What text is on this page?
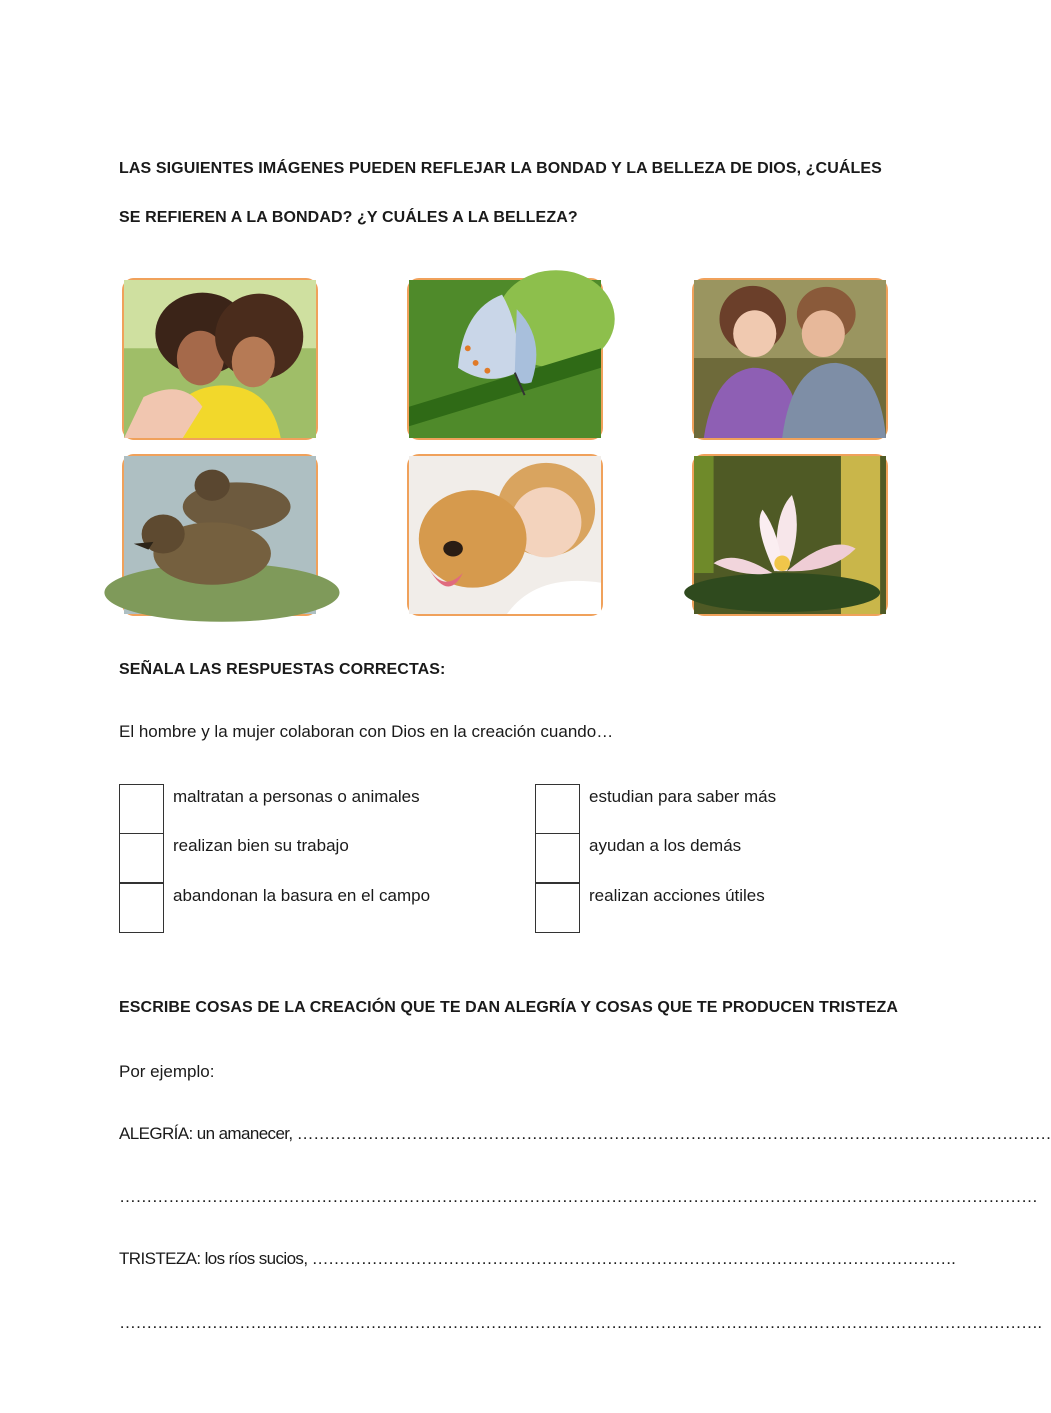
LAS SIGUIENTES IMÁGENES PUEDEN REFLEJAR LA BONDAD Y LA BELLEZA DE DIOS, ¿CUÁLES
SE REFIEREN A LA BONDAD? ¿Y CUÁLES A LA BELLEZA?
SEÑALA LAS RESPUESTAS CORRECTAS:
El hombre y la mujer colaboran con Dios en la creación cuando…
maltratan a personas o animales
realizan bien su trabajo
abandonan la basura en el campo
estudian para saber más
ayudan a los demás
realizan acciones útiles
ESCRIBE COSAS DE LA CREACIÓN QUE TE DAN ALEGRÍA Y COSAS QUE TE PRODUCEN TRISTEZA
Por ejemplo:
ALEGRÍA: un amanecer, …………………………………………………………………………………………………………………………
……………………………………………………………………………………………………………………………………………………
TRISTEZA: los ríos sucios, ……………………………………………………………………………………………………….
…………………………………………………………………………………………………………………………………………………….
